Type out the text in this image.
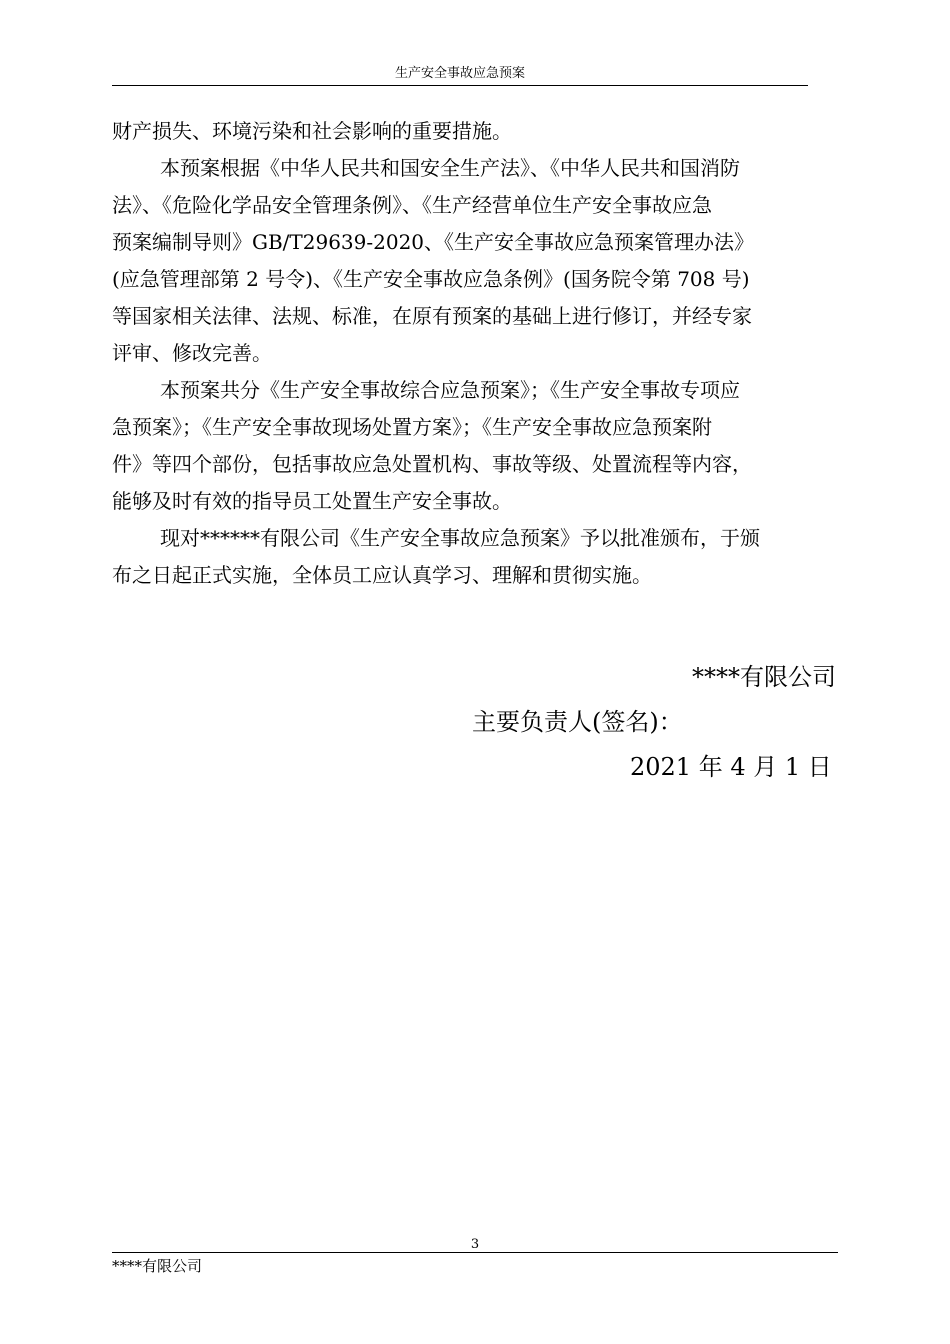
生产安全事故应急预案

财产损失、环境污染和社会影响的重要措施。

本预案根据《中华人民共和国安全生产法》、《中华人民共和国消防
法》、《危险化学品安全管理条例》、《生产经营单位生产安全事故应急
预案编制导则》GB/T29639-2020、《生产安全事故应急预案管理办法》
(应急管理部第 2 号令)、《生产安全事故应急条例》(国务院令第 708 号)
等国家相关法律、法规、标准，在原有预案的基础上进行修订，并经专家
评审、修改完善。

本预案共分《生产安全事故综合应急预案》；《生产安全事故专项应
急预案》；《生产安全事故现场处置方案》；《生产安全事故应急预案附
件》等四个部份，包括事故应急处置机构、事故等级、处置流程等内容，
能够及时有效的指导员工处置生产安全事故。

现对******有限公司《生产安全事故应急预案》予以批准颁布，于颁
布之日起正式实施，全体员工应认真学习、理解和贯彻实施。

****有限公司
主要负责人(签名)：
2021 年 4 月 1 日
3
****有限公司
